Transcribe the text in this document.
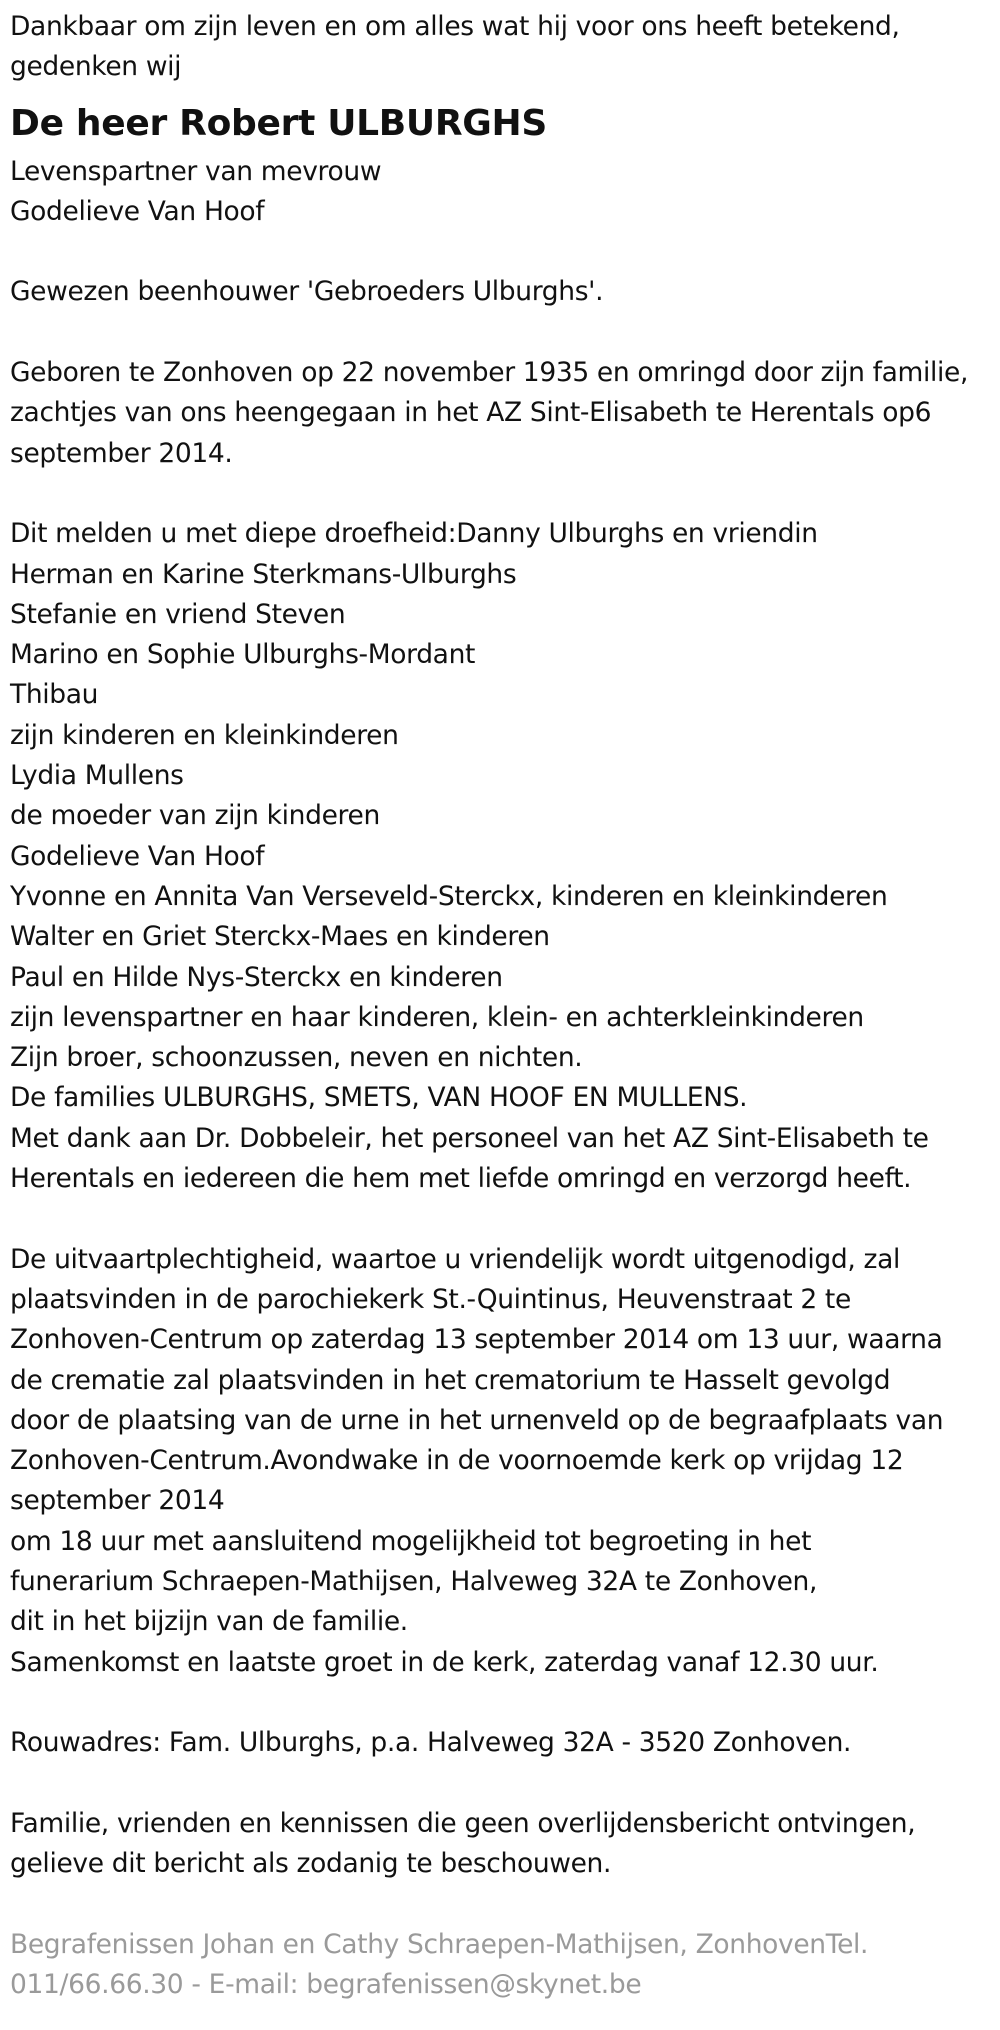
Dankbaar om zijn leven en om alles wat hij voor ons heeft betekend,
gedenken wij
De heer Robert ULBURGHS
Levenspartner van mevrouw
Godelieve Van Hoof
Gewezen beenhouwer 'Gebroeders Ulburghs'.
Geboren te Zonhoven op 22 november 1935 en omringd door zijn familie,
zachtjes van ons heengegaan in het AZ Sint-Elisabeth te Herentals op6
september 2014.
Dit melden u met diepe droefheid:Danny Ulburghs en vriendin
Herman en Karine Sterkmans-Ulburghs
Stefanie en vriend Steven
Marino en Sophie Ulburghs-Mordant
Thibau
zijn kinderen en kleinkinderen
Lydia Mullens
de moeder van zijn kinderen
Godelieve Van Hoof
Yvonne en Annita Van Verseveld-Sterckx, kinderen en kleinkinderen
Walter en Griet Sterckx-Maes en kinderen
Paul en Hilde Nys-Sterckx en kinderen
zijn levenspartner en haar kinderen, klein- en achterkleinkinderen
Zijn broer, schoonzussen, neven en nichten.
De families ULBURGHS, SMETS, VAN HOOF EN MULLENS.
Met dank aan Dr. Dobbeleir, het personeel van het AZ Sint-Elisabeth te
Herentals en iedereen die hem met liefde omringd en verzorgd heeft.
De uitvaartplechtigheid, waartoe u vriendelijk wordt uitgenodigd, zal
plaatsvinden in de parochiekerk St.-Quintinus, Heuvenstraat 2 te
Zonhoven-Centrum op zaterdag 13 september 2014 om 13 uur, waarna
de crematie zal plaatsvinden in het crematorium te Hasselt gevolgd
door de plaatsing van de urne in het urnenveld op de begraafplaats van
Zonhoven-Centrum.Avondwake in de voornoemde kerk op vrijdag 12
september 2014
om 18 uur met aansluitend mogelijkheid tot begroeting in het
funerarium Schraepen-Mathijsen, Halveweg 32A te Zonhoven,
dit in het bijzijn van de familie.
Samenkomst en laatste groet in de kerk, zaterdag vanaf 12.30 uur.
Rouwadres: Fam. Ulburghs, p.a. Halveweg 32A - 3520 Zonhoven.
Familie, vrienden en kennissen die geen overlijdensbericht ontvingen,
gelieve dit bericht als zodanig te beschouwen.
Begrafenissen Johan en Cathy Schraepen-Mathijsen, ZonhovenTel.
011/66.66.30 - E-mail: begrafenissen@skynet.be
